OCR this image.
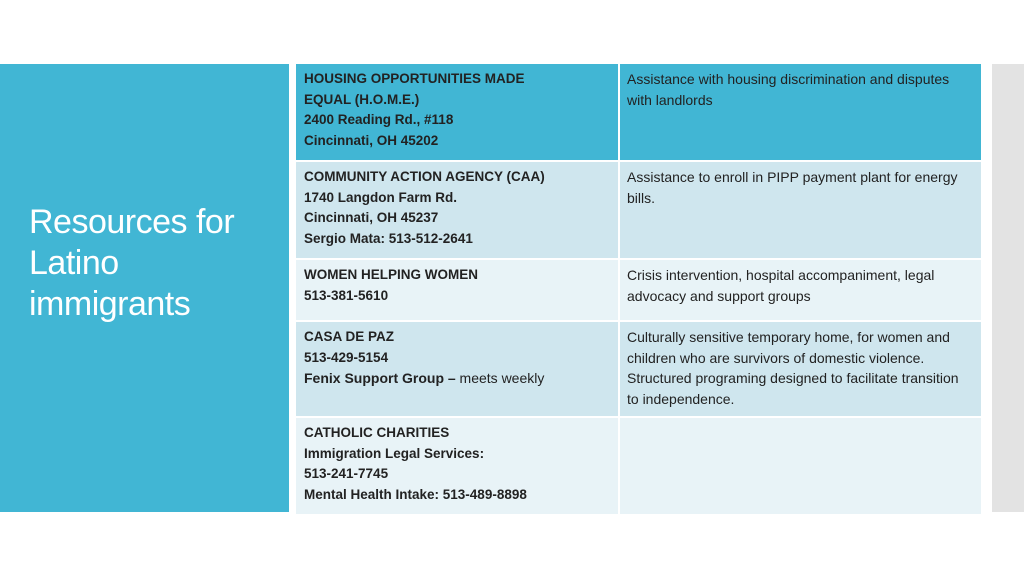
Resources for
Latino
immigrants
HOUSING OPPORTUNITIES MADE
EQUAL (H.O.M.E.)
2400 Reading Rd., #118
Cincinnati, OH 45202
Assistance with housing discrimination and disputes with landlords
COMMUNITY ACTION AGENCY (CAA)
1740 Langdon Farm Rd.
Cincinnati, OH 45237
Sergio Mata: 513-512-2641
Assistance to enroll in PIPP payment plant for energy bills.
WOMEN HELPING WOMEN
513-381-5610
Crisis intervention, hospital accompaniment, legal advocacy and support groups
CASA DE PAZ
513-429-5154
Fenix Support Group – meets weekly
Culturally sensitive temporary home, for women and children who are survivors of domestic violence. Structured programing designed to facilitate transition to independence.
CATHOLIC CHARITIES
Immigration Legal Services:
513-241-7745
Mental Health Intake: 513-489-8898
